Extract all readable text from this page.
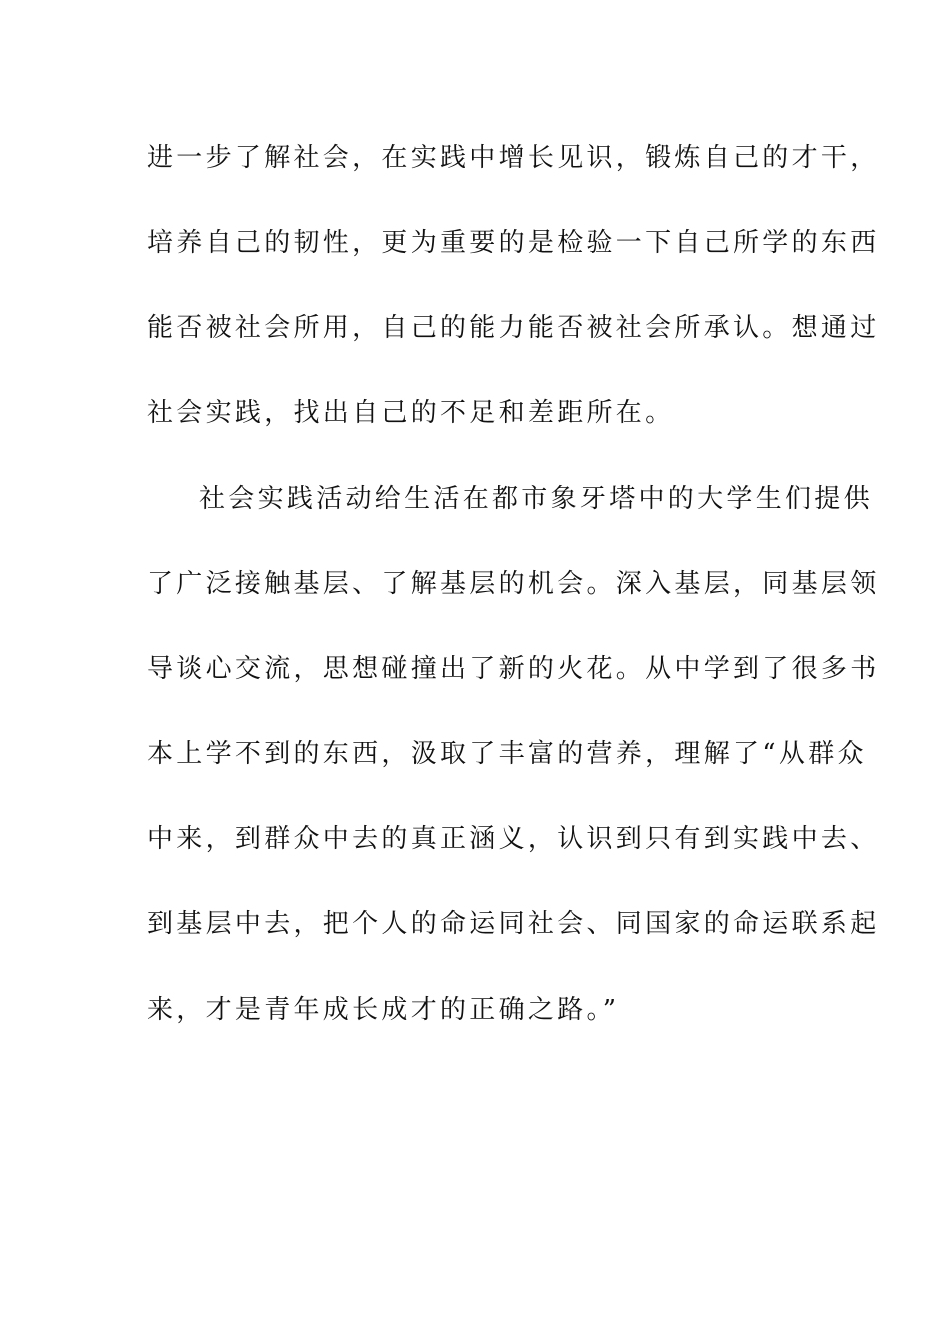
进一步了解社会，在实践中增长见识，锻炼自己的才干，
培养自己的韧性，更为重要的是检验一下自己所学的东西
能否被社会所用，自己的能力能否被社会所承认。想通过
社会实践，找出自己的不足和差距所在。
社会实践活动给生活在都市象牙塔中的大学生们提供
了广泛接触基层、了解基层的机会。深入基层，同基层领
导谈心交流，思想碰撞出了新的火花。从中学到了很多书
本上学不到的东西，汲取了丰富的营养，理解了“从群众
中来，到群众中去的真正涵义，认识到只有到实践中去、
到基层中去，把个人的命运同社会、同国家的命运联系起
来，才是青年成长成才的正确之路。”
